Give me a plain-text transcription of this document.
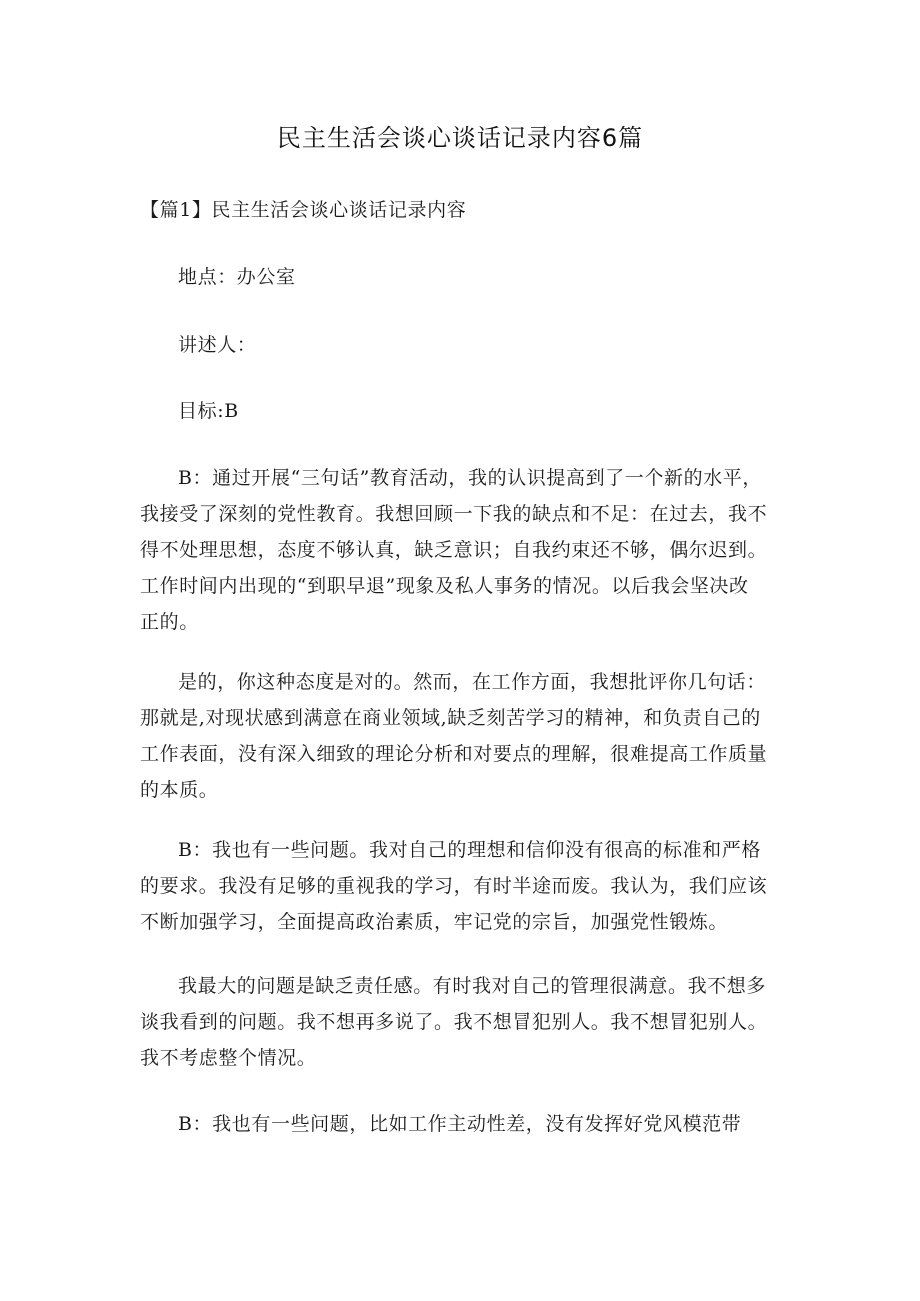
民主生活会谈心谈话记录内容6篇
【篇1】民主生活会谈心谈话记录内容
地点：办公室
讲述人：
目标:B
B：通过开展“三句话”教育活动，我的认识提高到了一个新的水平，
我接受了深刻的党性教育。我想回顾一下我的缺点和不足：在过去，我不
得不处理思想，态度不够认真，缺乏意识；自我约束还不够，偶尔迟到。
工作时间内出现的“到职早退”现象及私人事务的情况。以后我会坚决改
正的。
是的，你这种态度是对的。然而，在工作方面，我想批评你几句话：
那就是,对现状感到满意在商业领域,缺乏刻苦学习的精神，和负责自己的
工作表面，没有深入细致的理论分析和对要点的理解，很难提高工作质量
的本质。
B：我也有一些问题。我对自己的理想和信仰没有很高的标准和严格
的要求。我没有足够的重视我的学习，有时半途而废。我认为，我们应该
不断加强学习，全面提高政治素质，牢记党的宗旨，加强党性锻炼。
我最大的问题是缺乏责任感。有时我对自己的管理很满意。我不想多
谈我看到的问题。我不想再多说了。我不想冒犯别人。我不想冒犯别人。
我不考虑整个情况。
B：我也有一些问题，比如工作主动性差，没有发挥好党风模范带
